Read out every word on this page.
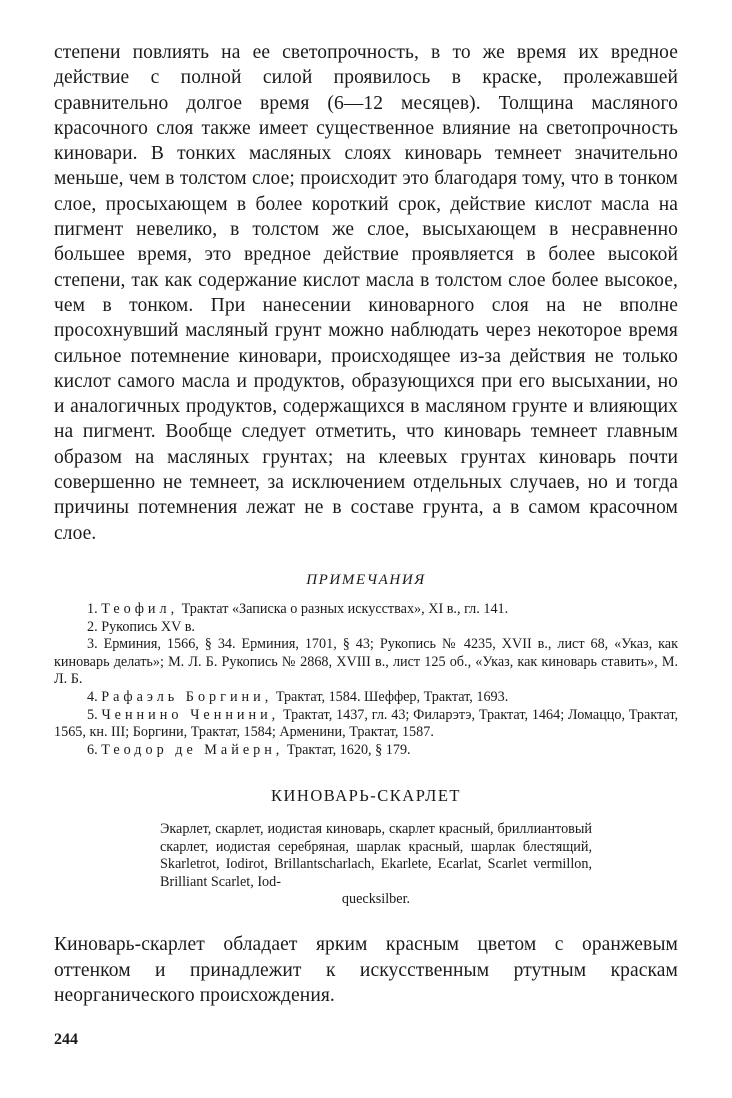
степени повлиять на ее светопрочность, в то же время их вредное действие с полной силой проявилось в краске, пролежавшей сравнительно долгое время (6—12 месяцев). Толщина масляного красочного слоя также имеет существенное влияние на светопрочность киновари. В тонких масляных слоях киноварь темнеет значительно меньше, чем в толстом слое; происходит это благодаря тому, что в тонком слое, просыхающем в более короткий срок, действие кислот масла на пигмент невелико, в толстом же слое, высыхающем в несравненно большее время, это вредное действие проявляется в более высокой степени, так как содержание кислот масла в толстом слое более высокое, чем в тонком. При нанесении киноварного слоя на не вполне просохнувший масляный грунт можно наблюдать через некоторое время сильное потемнение киновари, происходящее из-за действия не только кислот самого масла и продуктов, образующихся при его высыхании, но и аналогичных продуктов, содержащихся в масляном грунте и влияющих на пигмент. Вообще следует отметить, что киноварь темнеет главным образом на масляных грунтах; на клеевых грунтах киноварь почти совершенно не темнеет, за исключением отдельных случаев, но и тогда причины потемнения лежат не в составе грунта, а в самом красочном слое.

ПРИМЕЧАНИЯ
1. Теофил, Трактат «Записка о разных искусствах», XI в., гл. 141.
2. Рукопись XV в.
3. Ерминия, 1566, § 34. Ерминия, 1701, § 43; Рукопись № 4235, XVII в., лист 68, «Указ, как киноварь делать»; М. Л. Б. Рукопись № 2868, XVIII в., лист 125 об., «Указ, как киноварь ставить», М. Л. Б.
4. Рафаэль Боргини, Трактат, 1584. Шеффер, Трактат, 1693.
5. Ченнино Ченнини, Трактат, 1437, гл. 43; Филарэтэ, Трактат, 1464; Ломаццо, Трактат, 1565, кн. III; Боргини, Трактат, 1584; Арменини, Трактат, 1587.
6. Теодор де Майерн, Трактат, 1620, § 179.
КИНОВАРЬ-СКАРЛЕТ
Экарлет, скарлет, иодистая киноварь, скарлет красный, бриллиантовый скарлет, иодистая серебряная, шарлак красный, шарлак блестящий, Skarletrot, Iodirot, Brillantscharlach, Ekarlete, Ecarlat, Scarlet vermillon, Brilliant Scarlet, Iod-
quecksilber.

Киноварь-скарлет обладает ярким красным цветом с оранжевым оттенком и принадлежит к искусственным ртутным краскам неорганического происхождения.

244
